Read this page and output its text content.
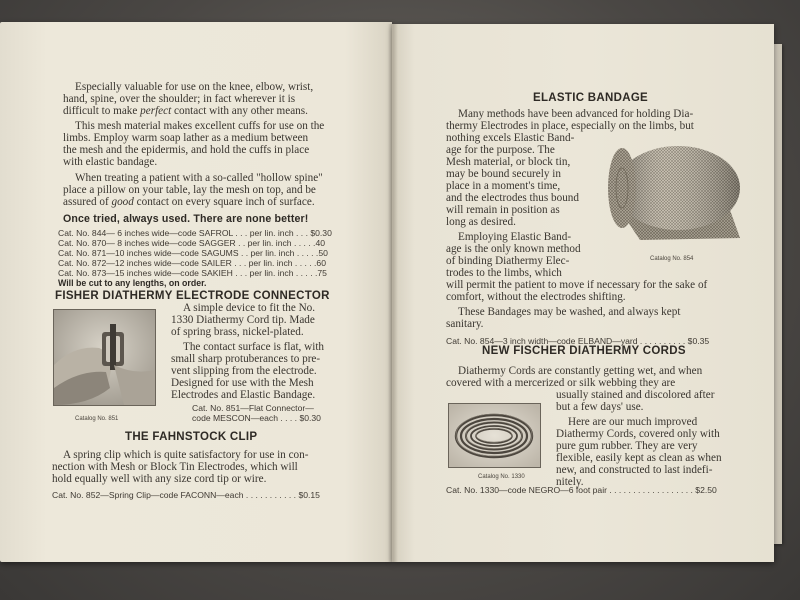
Especially valuable for use on the knee, elbow, wrist,

hand, spine, over the shoulder; in fact wherever it is

difficult to make perfect contact with any other means.

This mesh material makes excellent cuffs for use on the

limbs. Employ warm soap lather as a medium between

the mesh and the epidermis, and hold the cuffs in place

with elastic bandage.

When treating a patient with a so-called "hollow spine"

place a pillow on your table, lay the mesh on top, and be

assured of good contact on every square inch of surface.

Once tried, always used. There are none better!

Cat. No. 844— 6 inches wide—code SAFROL . . . per lin. inch . . . $0.30

Cat. No. 870— 8 inches wide—code SAGGER . . per lin. inch . . . . .40

Cat. No. 871—10 inches wide—code SAGUMS . . per lin. inch . . . . .50

Cat. No. 872—12 inches wide—code SAILER . . . per lin. inch . . . . .60

Cat. No. 873—15 inches wide—code SAKIEH . . . per lin. inch . . . . .75

Will be cut to any lengths, on order.

FISHER DIATHERMY ELECTRODE CONNECTOR

Catalog No. 851

A simple device to fit the No.

1330 Diathermy Cord tip. Made

of spring brass, nickel-plated.

The contact surface is flat, with

small sharp protuberances to pre-

vent slipping from the electrode.

Designed for use with the Mesh

Electrodes and Elastic Bandage.

Cat. No. 851—Flat Connector—

code MESCON—each . . . . $0.30

THE FAHNSTOCK CLIP

A spring clip which is quite satisfactory for use in con-

nection with Mesh or Block Tin Electrodes, which will

hold equally well with any size cord tip or wire.

Cat. No. 852—Spring Clip—code FACONN—each . . . . . . . . . . . $0.15

ELASTIC BANDAGE

Many methods have been advanced for holding Dia-

thermy Electrodes in place, especially on the limbs, but

nothing excels Elastic Band-

age for the purpose. The

Mesh material, or block tin,

may be bound securely in

place in a moment's time,

and the electrodes thus bound

will remain in position as

long as desired.

Employing Elastic Band-

age is the only known method

of binding Diathermy Elec-

trodes to the limbs, which

will permit the patient to move if necessary for the sake of

comfort, without the electrodes shifting.

These Bandages may be washed, and always kept

sanitary.

Cat. No. 854—3 inch width—code ELBAND—yard . . . . . . . . . . $0.35

Catalog No. 854

NEW FISCHER DIATHERMY CORDS

Diathermy Cords are constantly getting wet, and when

covered with a mercerized or silk webbing they are

usually stained and discolored after

but a few days' use.

Here are our much improved

Diathermy Cords, covered only with

pure gum rubber. They are very

flexible, easily kept as clean as when

new, and constructed to last indefi-

nitely.

Catalog No. 1330

Cat. No. 1330—code NEGRO—6 foot pair . . . . . . . . . . . . . . . . . . $2.50
